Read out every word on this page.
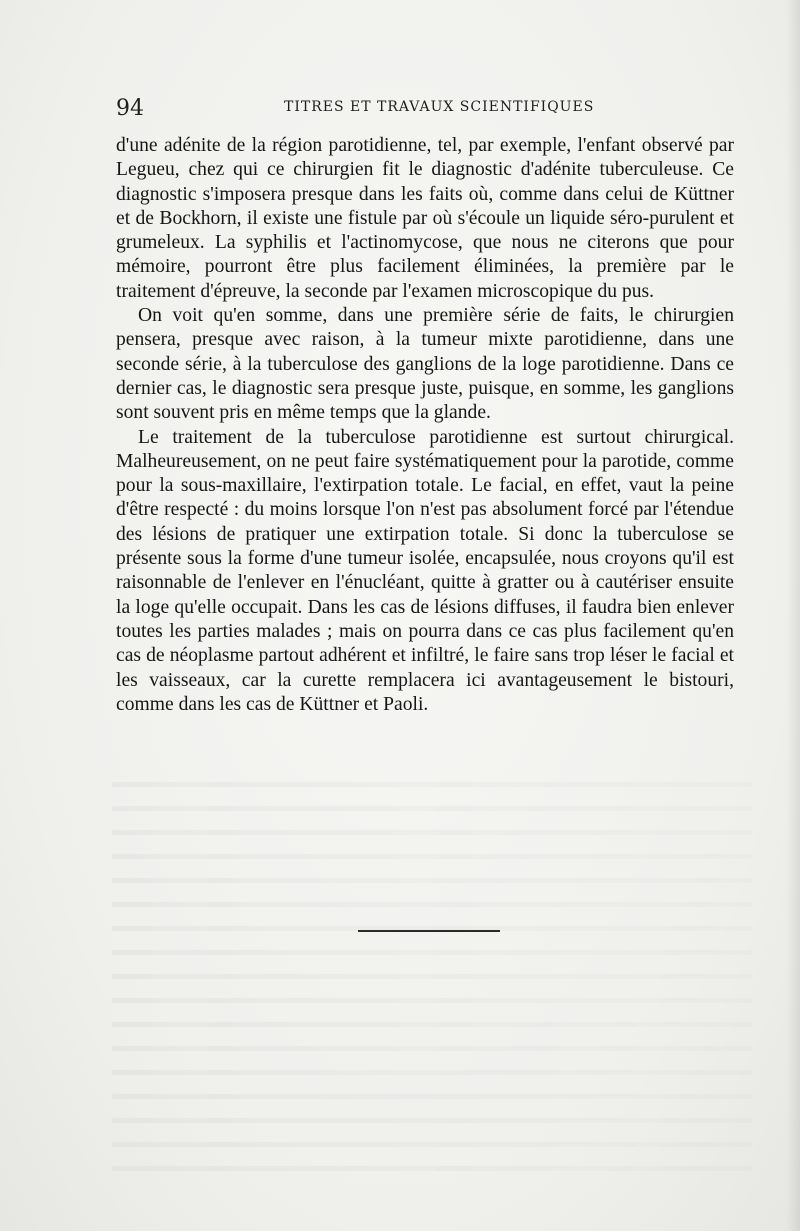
94	TITRES ET TRAVAUX SCIENTIFIQUES

d'une adénite de la région parotidienne, tel, par exemple, l'enfant observé par Legueu, chez qui ce chirurgien fit le diagnostic d'adénite tuberculeuse. Ce diagnostic s'imposera presque dans les faits où, comme dans celui de Küttner et de Bockhorn, il existe une fistule par où s'écoule un liquide séro-purulent et grumeleux. La syphilis et l'actinomycose, que nous ne citerons que pour mémoire, pourront être plus facilement éliminées, la première par le traitement d'épreuve, la seconde par l'examen microscopique du pus.

On voit qu'en somme, dans une première série de faits, le chirurgien pensera, presque avec raison, à la tumeur mixte parotidienne, dans une seconde série, à la tuberculose des ganglions de la loge parotidienne. Dans ce dernier cas, le diagnostic sera presque juste, puisque, en somme, les ganglions sont souvent pris en même temps que la glande.

Le traitement de la tuberculose parotidienne est surtout chirurgical. Malheureusement, on ne peut faire systématiquement pour la parotide, comme pour la sous-maxillaire, l'extirpation totale. Le facial, en effet, vaut la peine d'être respecté : du moins lorsque l'on n'est pas absolument forcé par l'étendue des lésions de pratiquer une extirpation totale. Si donc la tuberculose se présente sous la forme d'une tumeur isolée, encapsulée, nous croyons qu'il est raisonnable de l'enlever en l'énucléant, quitte à gratter ou à cautériser ensuite la loge qu'elle occupait. Dans les cas de lésions diffuses, il faudra bien enlever toutes les parties malades ; mais on pourra dans ce cas plus facilement qu'en cas de néoplasme partout adhérent et infiltré, le faire sans trop léser le facial et les vaisseaux, car la curette remplacera ici avantageusement le bistouri, comme dans les cas de Küttner et Paoli.
